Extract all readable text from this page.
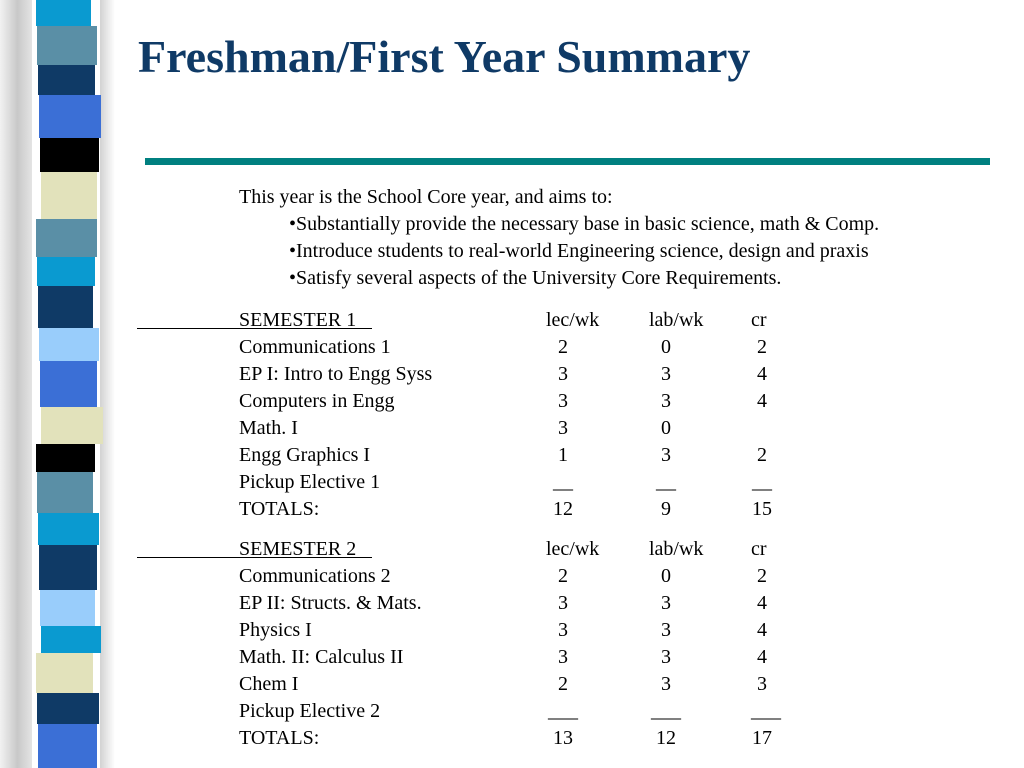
Freshman/First Year Summary
This year is the School Core year, and aims to:
•Substantially provide the necessary base in basic science, math & Comp.
•Introduce students to real-world Engineering science, design and praxis
•Satisfy several aspects of the University Core Requirements.
SEMESTER 1	lec/wk lab/wk cr
Communications 1	2	0	2
EP I: Intro to Engg Syss	3	3	4
Computers in Engg	3	3	4
Math. I	3	0
Engg Graphics I	1	3	2
Pickup Elective 1	__	__	__
TOTALS:	12	9	15
SEMESTER 2	lec/wk lab/wk cr
Communications 2	2	0	2
EP II: Structs. & Mats.	3	3	4
Physics I	3	3	4
Math. II: Calculus II	3	3	4
Chem I	2	3	3
Pickup Elective 2	___	___	___
TOTALS:	13	12	17
